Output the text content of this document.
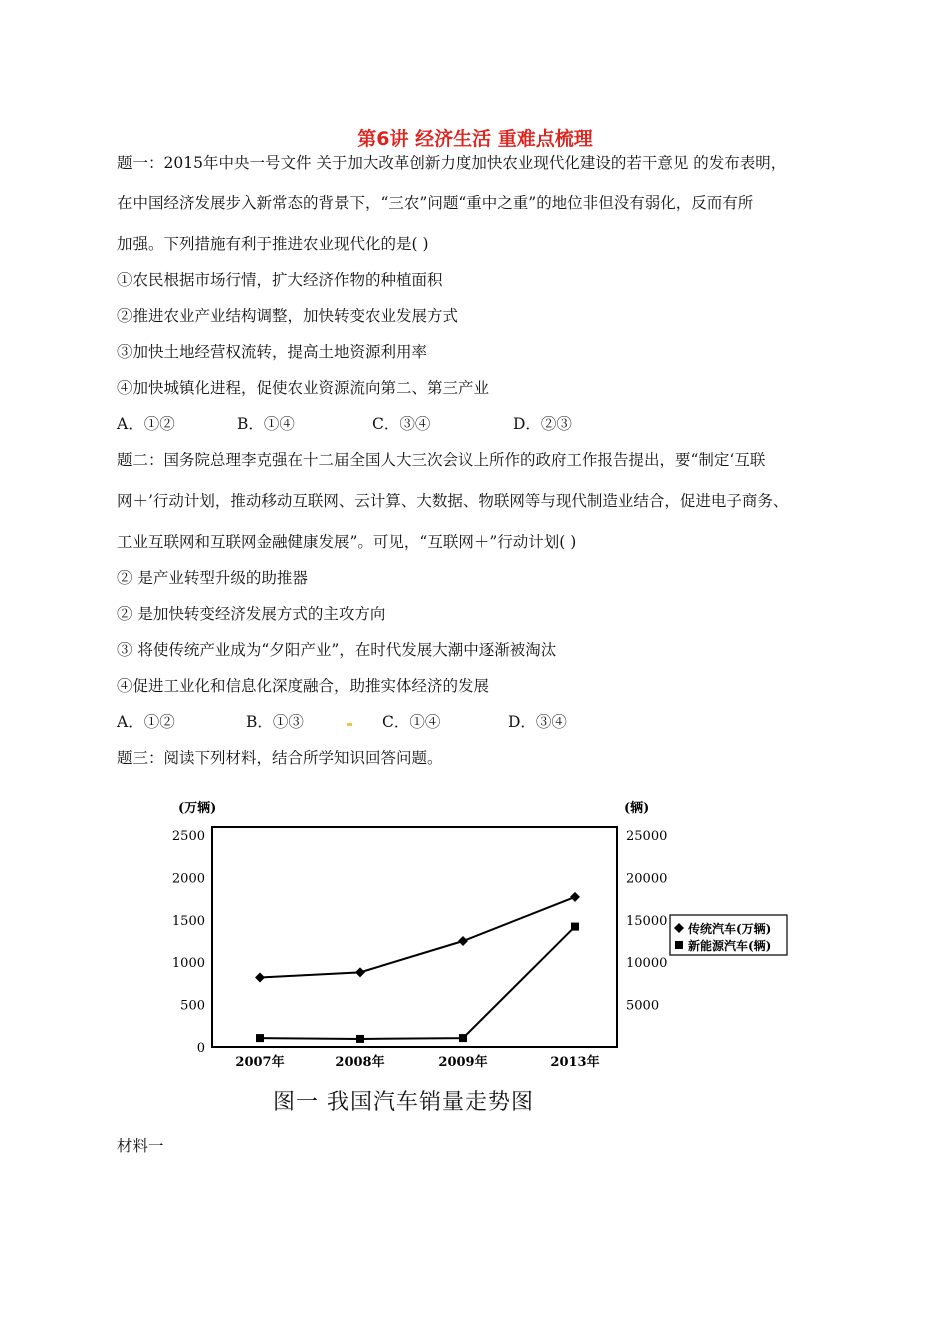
第6讲 经济生活 重难点梳理
题一：2015年中央一号文件 关于加大改革创新力度加快农业现代化建设的若干意见 的发布表明，
在中国经济发展步入新常态的背景下，“三农”问题“重中之重”的地位非但没有弱化，反而有所
加强。下列措施有利于推进农业现代化的是( )
①农民根据市场行情，扩大经济作物的种植面积
②推进农业产业结构调整，加快转变农业发展方式
③加快土地经营权流转，提高土地资源利用率
④加快城镇化进程，促使农业资源流向第二、第三产业
A．①②	B．①④	C．③④	D．②③
题二：国务院总理李克强在十二届全国人大三次会议上所作的政府工作报告提出，要“制定‘互联
网＋’行动计划，推动移动互联网、云计算、大数据、物联网等与现代制造业结合，促进电子商务、
工业互联网和互联网金融健康发展”。可见，“互联网＋”行动计划( )
② 是产业转型升级的助推器
② 是加快转变经济发展方式的主攻方向
③ 将使传统产业成为“夕阳产业”，在时代发展大潮中逐渐被淘汰
④促进工业化和信息化深度融合，助推实体经济的发展
A．①②	B．①③	C．①④	D．③④
题三：阅读下列材料，结合所学知识回答问题。
(万辆)	(辆)
2500
2000
1500
1000
500
0
25000
20000
15000
10000
5000
2007年	2008年	2009年	2013年
传统汽车(万辆)
新能源汽车(辆)
图一 我国汽车销量走势图
材料一
